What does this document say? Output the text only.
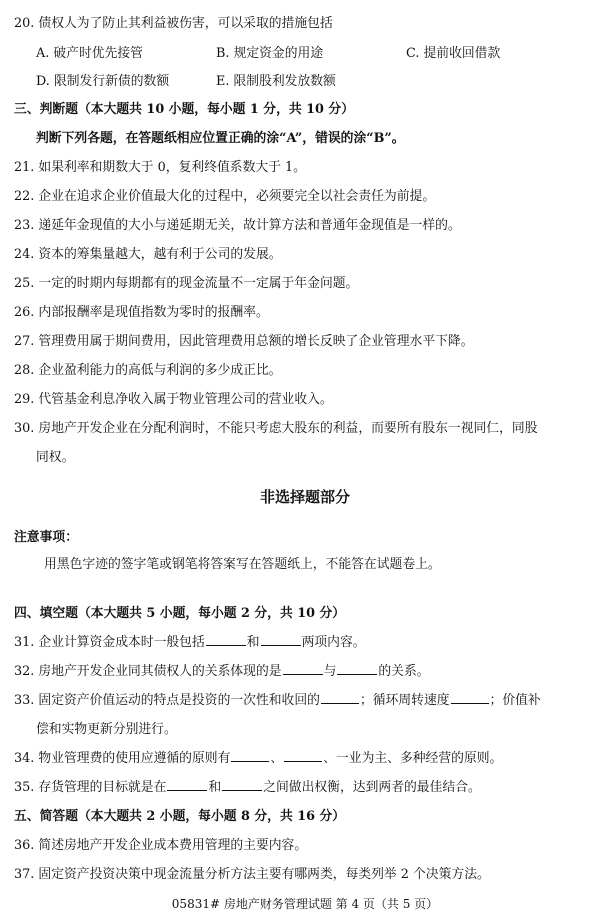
20. 债权人为了防止其利益被伤害，可以采取的措施包括
A. 破产时优先接管	B. 规定资金的用途	C. 提前收回借款
D. 限制发行新债的数额	E. 限制股利发放数额
三、判断题（本大题共 10 小题，每小题 1 分，共 10 分）
判断下列各题，在答题纸相应位置正确的涂“A”，错误的涂“B”。
21. 如果利率和期数大于 0，复利终值系数大于 1。
22. 企业在追求企业价值最大化的过程中，必须要完全以社会责任为前提。
23. 递延年金现值的大小与递延期无关，故计算方法和普通年金现值是一样的。
24. 资本的筹集量越大，越有利于公司的发展。
25. 一定的时期内每期都有的现金流量不一定属于年金问题。
26. 内部报酬率是现值指数为零时的报酬率。
27. 管理费用属于期间费用，因此管理费用总额的增长反映了企业管理水平下降。
28. 企业盈利能力的高低与利润的多少成正比。
29. 代管基金利息净收入属于物业管理公司的营业收入。
30. 房地产开发企业在分配利润时，不能只考虑大股东的利益，而要所有股东一视同仁，同股
同权。
非选择题部分
注意事项：
用黑色字迹的签字笔或钢笔将答案写在答题纸上，不能答在试题卷上。
四、填空题（本大题共 5 小题，每小题 2 分，共 10 分）
31. 企业计算资金成本时一般包括	和	两项内容。
32. 房地产开发企业同其债权人的关系体现的是	与	的关系。
33. 固定资产价值运动的特点是投资的一次性和收回的	；循环周转速度	；价值补
偿和实物更新分别进行。
34. 物业管理费的使用应遵循的原则有	、	、一业为主、多种经营的原则。
35. 存货管理的目标就是在	和	之间做出权衡，达到两者的最佳结合。
五、简答题（本大题共 2 小题，每小题 8 分，共 16 分）
36. 简述房地产开发企业成本费用管理的主要内容。
37. 固定资产投资决策中现金流量分析方法主要有哪两类，每类列举 2 个决策方法。
05831# 房地产财务管理试题 第 4 页（共 5 页）
